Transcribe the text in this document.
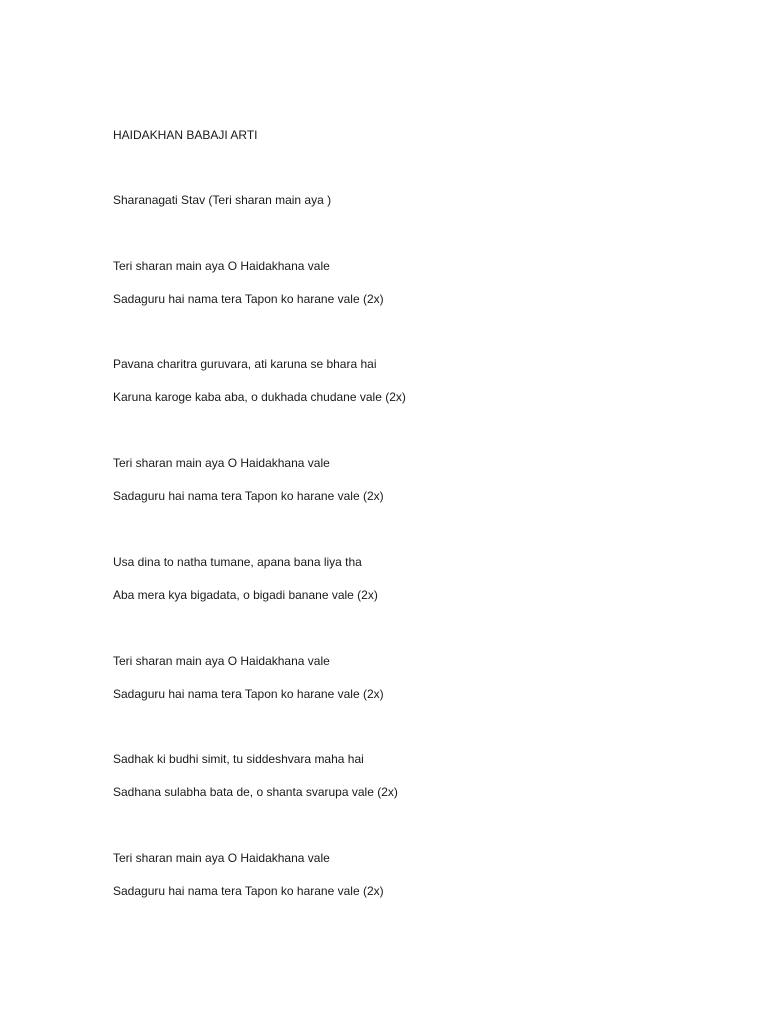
HAIDAKHAN BABAJI ARTI

Sharanagati Stav (Teri sharan main aya )

Teri sharan main aya O Haidakhana vale

Sadaguru hai nama tera Tapon ko harane vale (2x)

Pavana charitra guruvara, ati karuna se bhara hai

Karuna karoge kaba aba, o dukhada chudane vale (2x)

Teri sharan main aya O Haidakhana vale

Sadaguru hai nama tera Tapon ko harane vale (2x)

Usa dina to natha tumane, apana bana liya tha

Aba mera kya bigadata, o bigadi banane vale (2x)

Teri sharan main aya O Haidakhana vale

Sadaguru hai nama tera Tapon ko harane vale (2x)

Sadhak ki budhi simit, tu siddeshvara maha hai

Sadhana sulabha bata de, o shanta svarupa vale (2x)

Teri sharan main aya O Haidakhana vale

Sadaguru hai nama tera Tapon ko harane vale (2x)
